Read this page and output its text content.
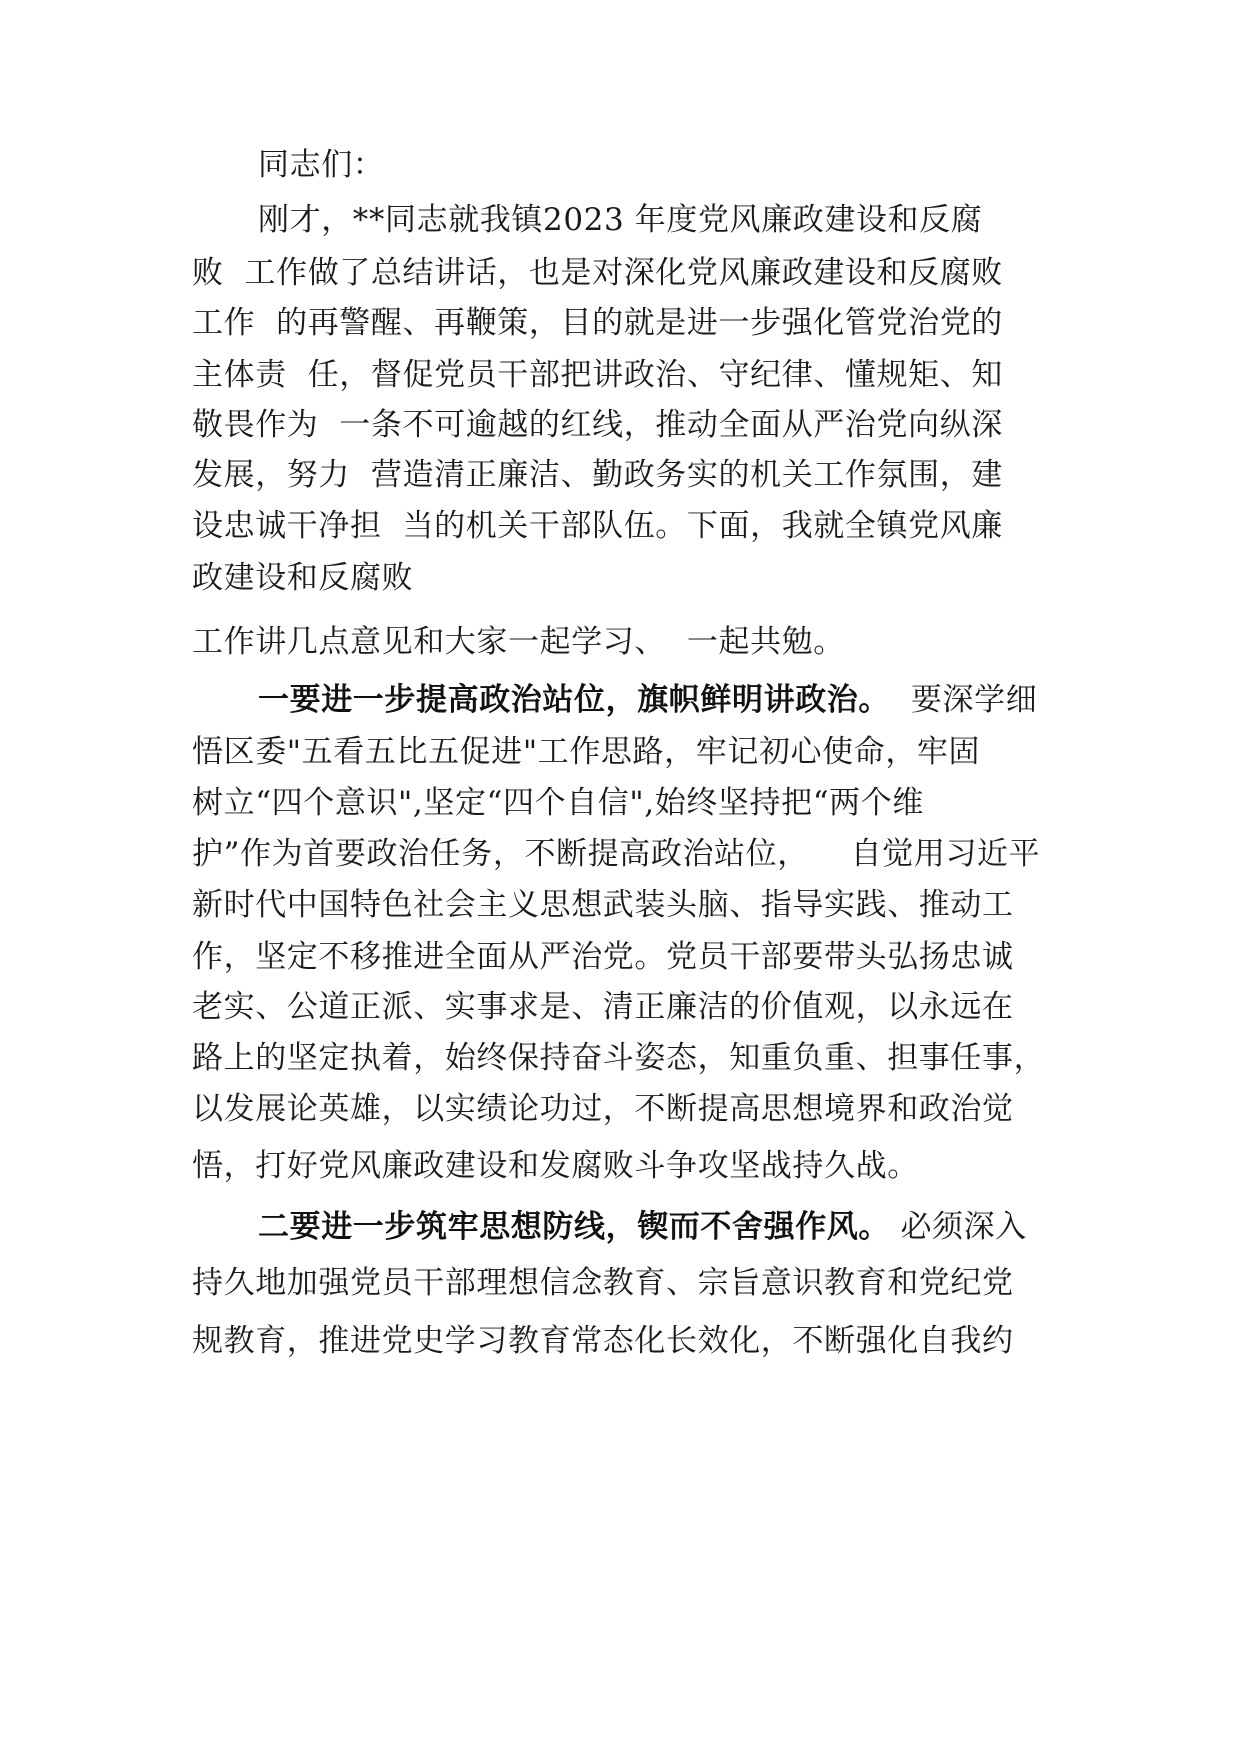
同志们：
刚才，**同志就我镇2023 年度党风廉政建设和反腐
败  工作做了总结讲话，也是对深化党风廉政建设和反腐败
工作  的再警醒、再鞭策，目的就是进一步强化管党治党的
主体责  任，督促党员干部把讲政治、守纪律、懂规矩、知
敬畏作为  一条不可逾越的红线，推动全面从严治党向纵深
发展，努力  营造清正廉洁、勤政务实的机关工作氛围，建
设忠诚干净担  当的机关干部队伍。下面，我就全镇党风廉
政建设和反腐败
工作讲几点意见和大家一起学习、  一起共勉。
一要进一步提高政治站位，旗帜鲜明讲政治。  要深学细
悟区委"五看五比五促进"工作思路，牢记初心使命，牢固
树立“四个意识",坚定“四个自信",始终坚持把“两个维
护”作为首要政治任务，不断提高政治站位，    自觉用习近平
新时代中国特色社会主义思想武装头脑、指导实践、推动工
作，坚定不移推进全面从严治党。党员干部要带头弘扬忠诚
老实、公道正派、实事求是、清正廉洁的价值观，以永远在
路上的坚定执着，始终保持奋斗姿态，知重负重、担事任事，
以发展论英雄，以实绩论功过，不断提高思想境界和政治觉
悟，打好党风廉政建设和发腐败斗争攻坚战持久战。
二要进一步筑牢思想防线，锲而不舍强作风。 必须深入
持久地加强党员干部理想信念教育、宗旨意识教育和党纪党
规教育，推进党史学习教育常态化长效化，不断强化自我约
